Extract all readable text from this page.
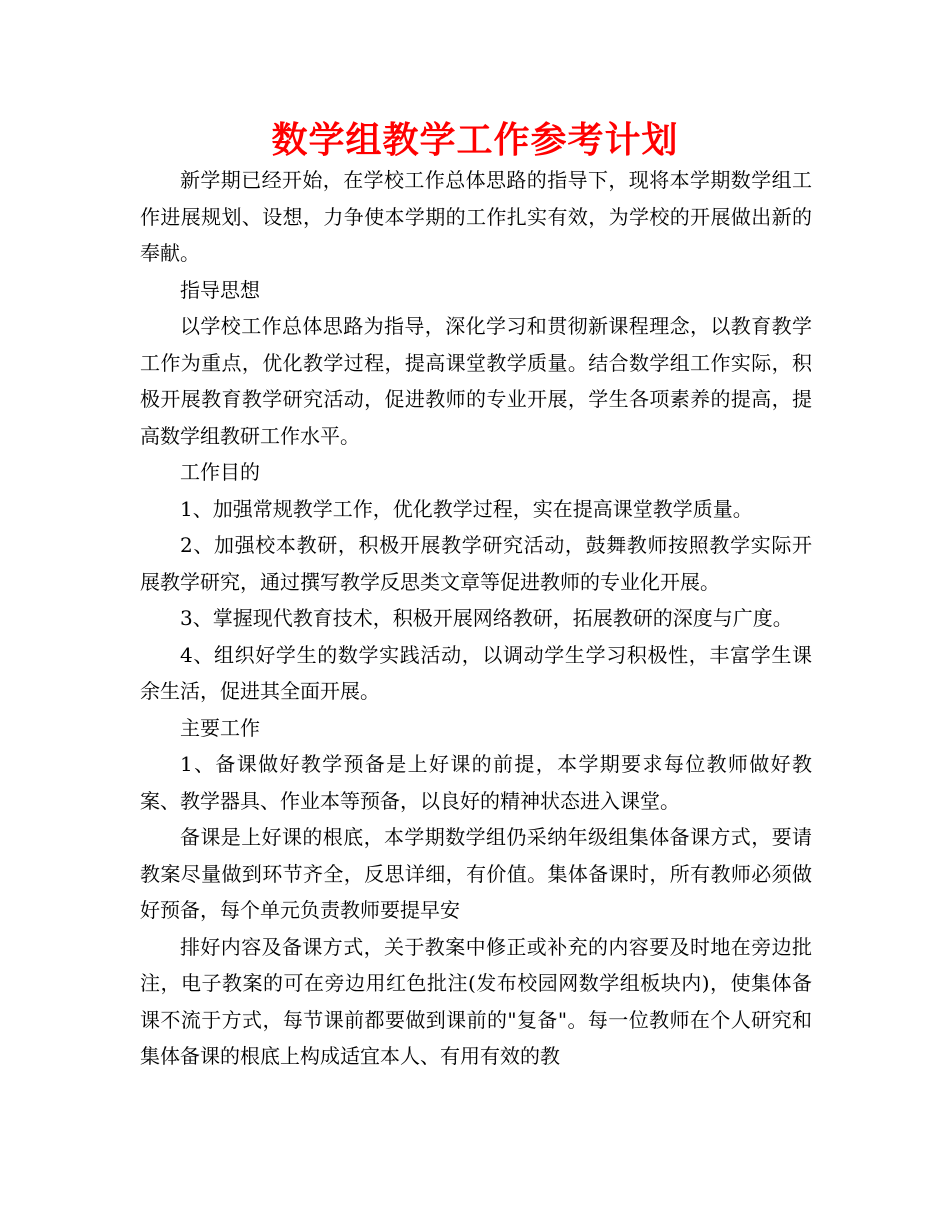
数学组教学工作参考计划

新学期已经开始，在学校工作总体思路的指导下，现将本学期数学组工作进展规划、设想，力争使本学期的工作扎实有效，为学校的开展做出新的奉献。

指导思想

以学校工作总体思路为指导，深化学习和贯彻新课程理念，以教育教学工作为重点，优化教学过程，提高课堂教学质量。结合数学组工作实际，积极开展教育教学研究活动，促进教师的专业开展，学生各项素养的提高，提高数学组教研工作水平。

工作目的

1、加强常规教学工作，优化教学过程，实在提高课堂教学质量。

2、加强校本教研，积极开展教学研究活动，鼓舞教师按照教学实际开展教学研究，通过撰写教学反思类文章等促进教师的专业化开展。

3、掌握现代教育技术，积极开展网络教研，拓展教研的深度与广度。

4、组织好学生的数学实践活动，以调动学生学习积极性，丰富学生课余生活，促进其全面开展。

主要工作

1、备课做好教学预备是上好课的前提，本学期要求每位教师做好教案、教学器具、作业本等预备，以良好的精神状态进入课堂。

备课是上好课的根底，本学期数学组仍采纳年级组集体备课方式，要请教案尽量做到环节齐全，反思详细，有价值。集体备课时，所有教师必须做好预备，每个单元负责教师要提早安

排好内容及备课方式，关于教案中修正或补充的内容要及时地在旁边批注，电子教案的可在旁边用红色批注(发布校园网数学组板块内)，使集体备课不流于方式，每节课前都要做到课前的"复备"。每一位教师在个人研究和集体备课的根底上构成适宜本人、有用有效的教
